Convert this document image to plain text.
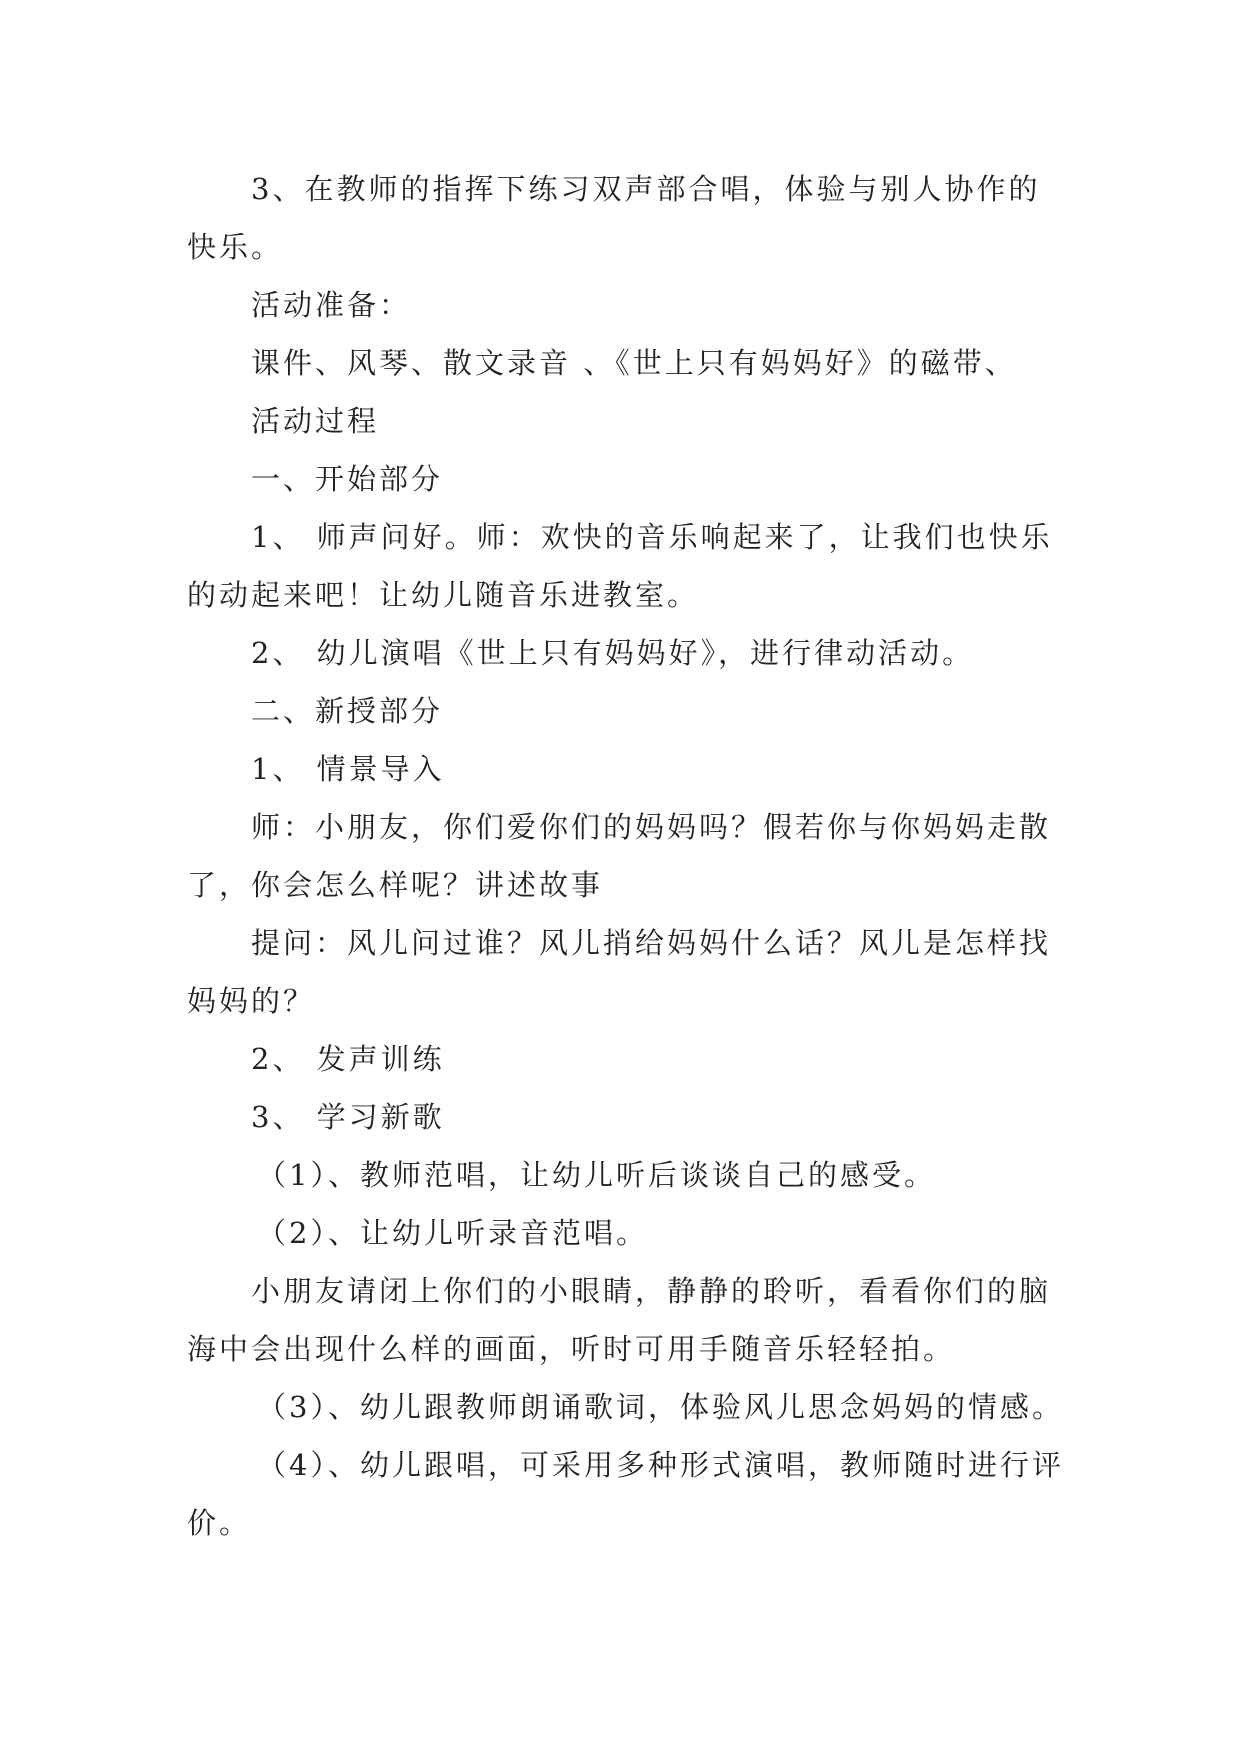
3、在教师的指挥下练习双声部合唱，体验与别人协作的快乐。

活动准备：

课件、风琴、散文录音 、《世上只有妈妈好》的磁带、

活动过程

一、开始部分

1、 师声问好。师：欢快的音乐响起来了，让我们也快乐的动起来吧！让幼儿随音乐进教室。

2、 幼儿演唱《世上只有妈妈好》，进行律动活动。

二、新授部分

1、 情景导入

师：小朋友，你们爱你们的妈妈吗？假若你与你妈妈走散了，你会怎么样呢？讲述故事

提问：风儿问过谁？风儿捎给妈妈什么话？风儿是怎样找妈妈的？

2、 发声训练

3、 学习新歌

（1）、教师范唱，让幼儿听后谈谈自己的感受。

（2）、让幼儿听录音范唱。

小朋友请闭上你们的小眼睛，静静的聆听，看看你们的脑海中会出现什么样的画面，听时可用手随音乐轻轻拍。

（3）、幼儿跟教师朗诵歌词，体验风儿思念妈妈的情感。

（4）、幼儿跟唱，可采用多种形式演唱，教师随时进行评价。
